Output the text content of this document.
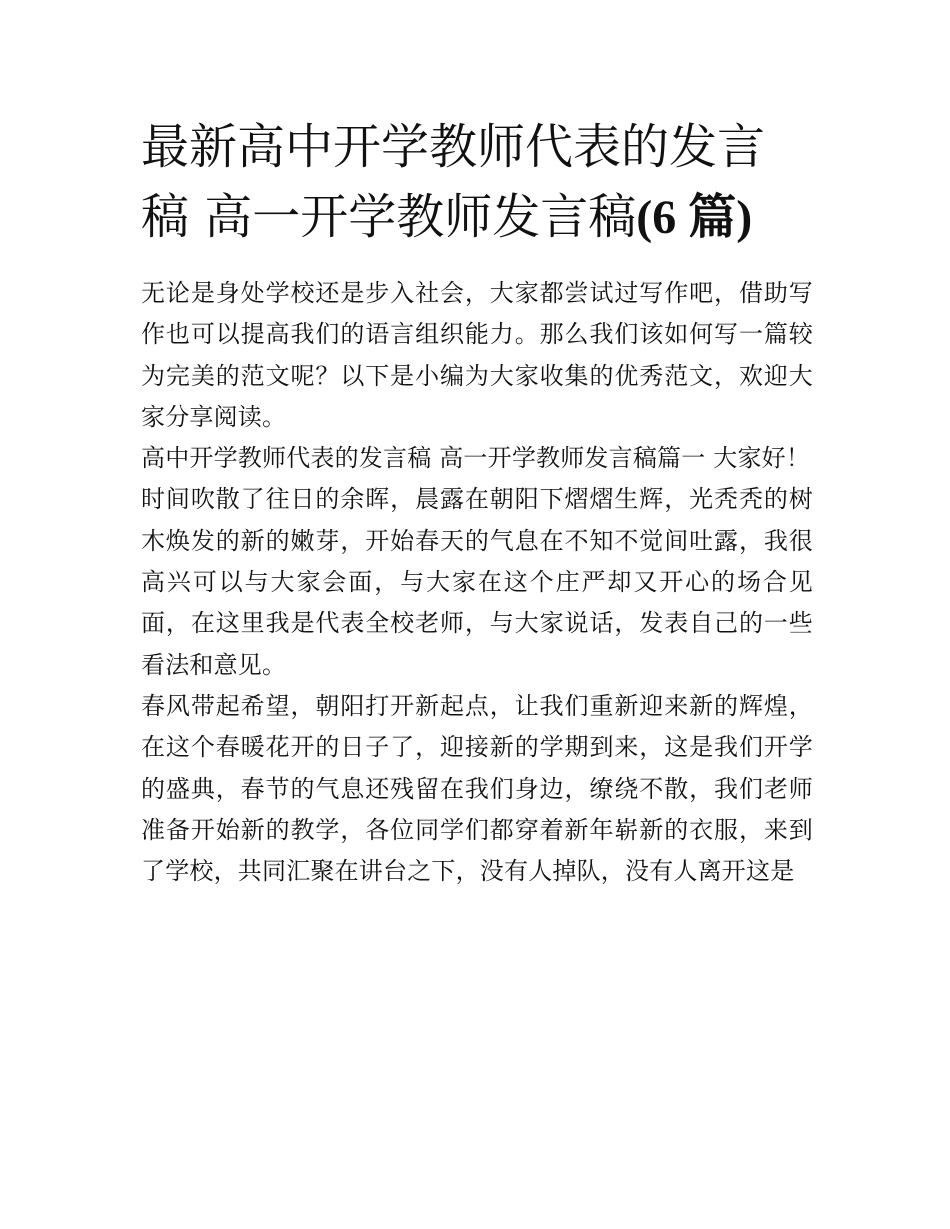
最新高中开学教师代表的发言
稿 高一开学教师发言稿(6 篇)

无论是身处学校还是步入社会，大家都尝试过写作吧，借助写作也可以提高我们的语言组织能力。那么我们该如何写一篇较为完美的范文呢？以下是小编为大家收集的优秀范文，欢迎大家分享阅读。

高中开学教师代表的发言稿 高一开学教师发言稿篇一 大家好！

时间吹散了往日的余晖，晨露在朝阳下熠熠生辉，光秃秃的树木焕发的新的嫩芽，开始春天的气息在不知不觉间吐露，我很高兴可以与大家会面，与大家在这个庄严却又开心的场合见面，在这里我是代表全校老师，与大家说话，发表自己的一些看法和意见。

春风带起希望，朝阳打开新起点，让我们重新迎来新的辉煌，在这个春暖花开的日子了，迎接新的学期到来，这是我们开学的盛典，春节的气息还残留在我们身边，缭绕不散，我们老师准备开始新的教学，各位同学们都穿着新年崭新的衣服，来到了学校，共同汇聚在讲台之下，没有人掉队，没有人离开这是
